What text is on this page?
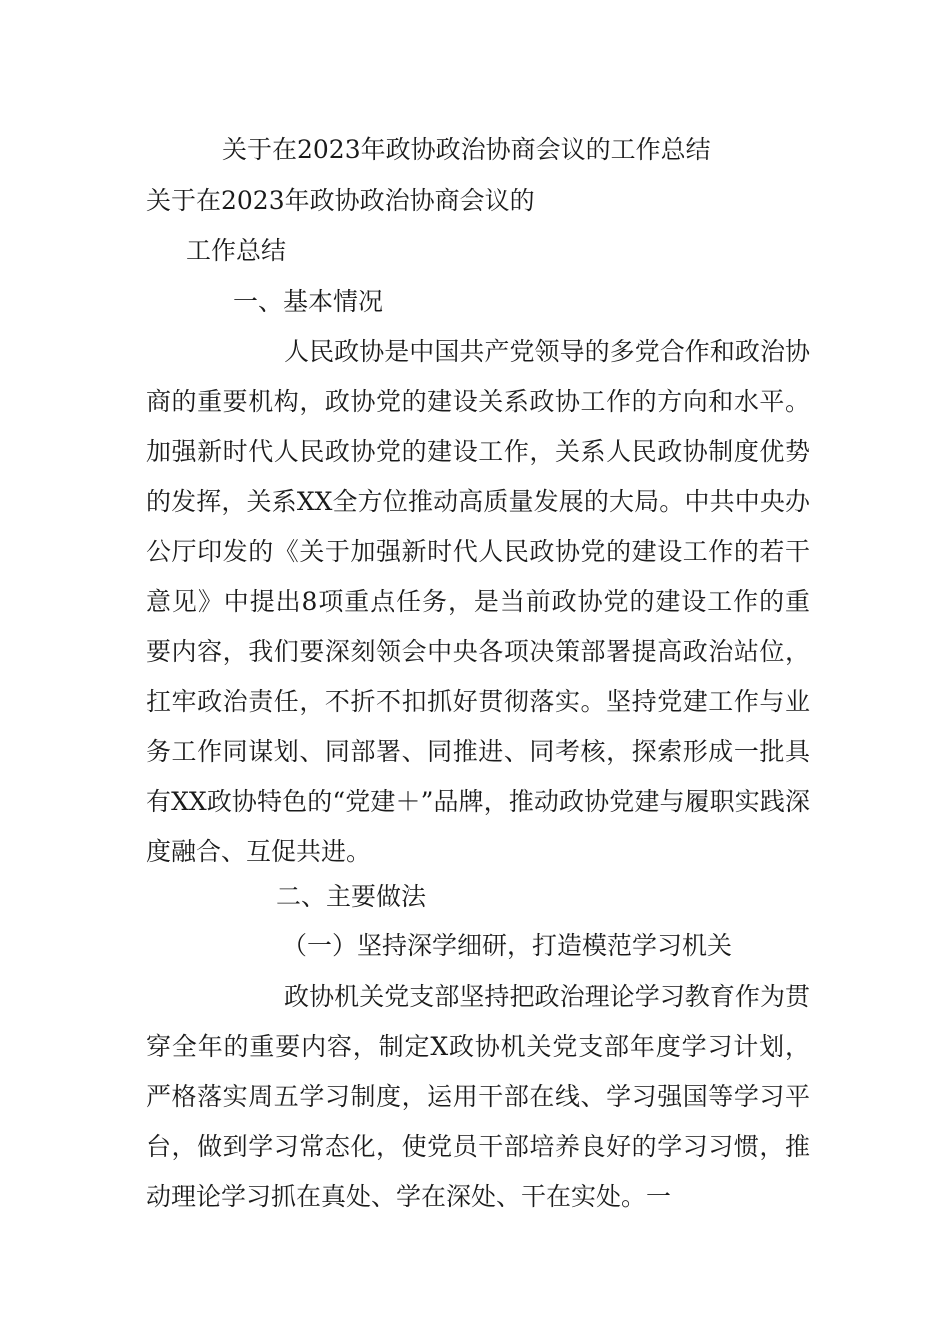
关于在2023年政协政治协商会议的工作总结
关于在2023年政协政治协商会议的
工作总结
一、基本情况

人民政协是中国共产党领导的多党合作和政治协商的重要机构，政协党的建设关系政协工作的方向和水平。加强新时代人民政协党的建设工作，关系人民政协制度优势的发挥，关系XX全方位推动高质量发展的大局。中共中央办公厅印发的《关于加强新时代人民政协党的建设工作的若干意见》中提出8项重点任务，是当前政协党的建设工作的重要内容，我们要深刻领会中央各项决策部署提高政治站位，扛牢政治责任，不折不扣抓好贯彻落实。坚持党建工作与业务工作同谋划、同部署、同推进、同考核，探索形成一批具有XX政协特色的“党建＋”品牌，推动政协党建与履职实践深度融合、互促共进。

二、主要做法
（一）坚持深学细研，打造模范学习机关

政协机关党支部坚持把政治理论学习教育作为贯穿全年的重要内容，制定X政协机关党支部年度学习计划，严格落实周五学习制度，运用干部在线、学习强国等学习平台，做到学习常态化，使党员干部培养良好的学习习惯，推动理论学习抓在真处、学在深处、干在实处。一
